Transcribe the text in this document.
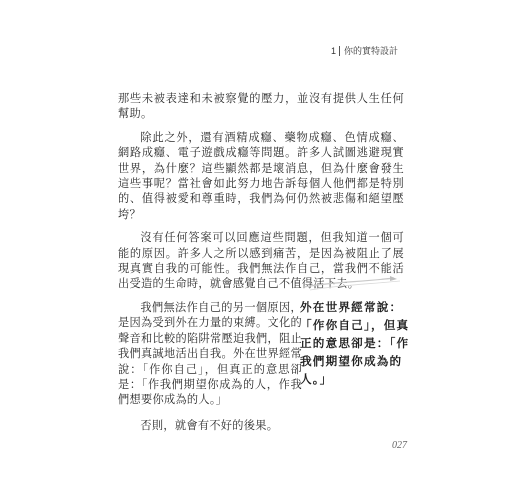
1 你的實特設計

那些未被表達和未被察覺的壓力，並沒有提供人生任何幫助。

除此之外，還有酒精成癮、藥物成癮、色情成癮、網路成癮、電子遊戲成癮等問題。許多人試圖逃避現實世界，為什麼？這些顯然都是壞消息，但為什麼會發生這些事呢？當社會如此努力地告訴每個人他們都是特別的、值得被愛和尊重時，我們為何仍然被悲傷和絕望壓垮？

沒有任何答案可以回應這些問題，但我知道一個可能的原因。許多人之所以感到痛苦，是因為被阻止了展現真實自我的可能性。我們無法作自己，當我們不能活出受造的生命時，就會感覺自己不值得活下去。

我們無法作自己的另一個原因，是因為受到外在力量的束縛。文化的聲音和比較的陷阱常壓迫我們，阻止我們真誠地活出自我。外在世界經常說：「作你自己」，但真正的意思卻是：「作我們期望你成為的人，作我們想要你成為的人。」

否則，就會有不好的後果。

外在世界經常說：「作你自己」，但真正的意思卻是：「作我們期望你成為的人。」
027
